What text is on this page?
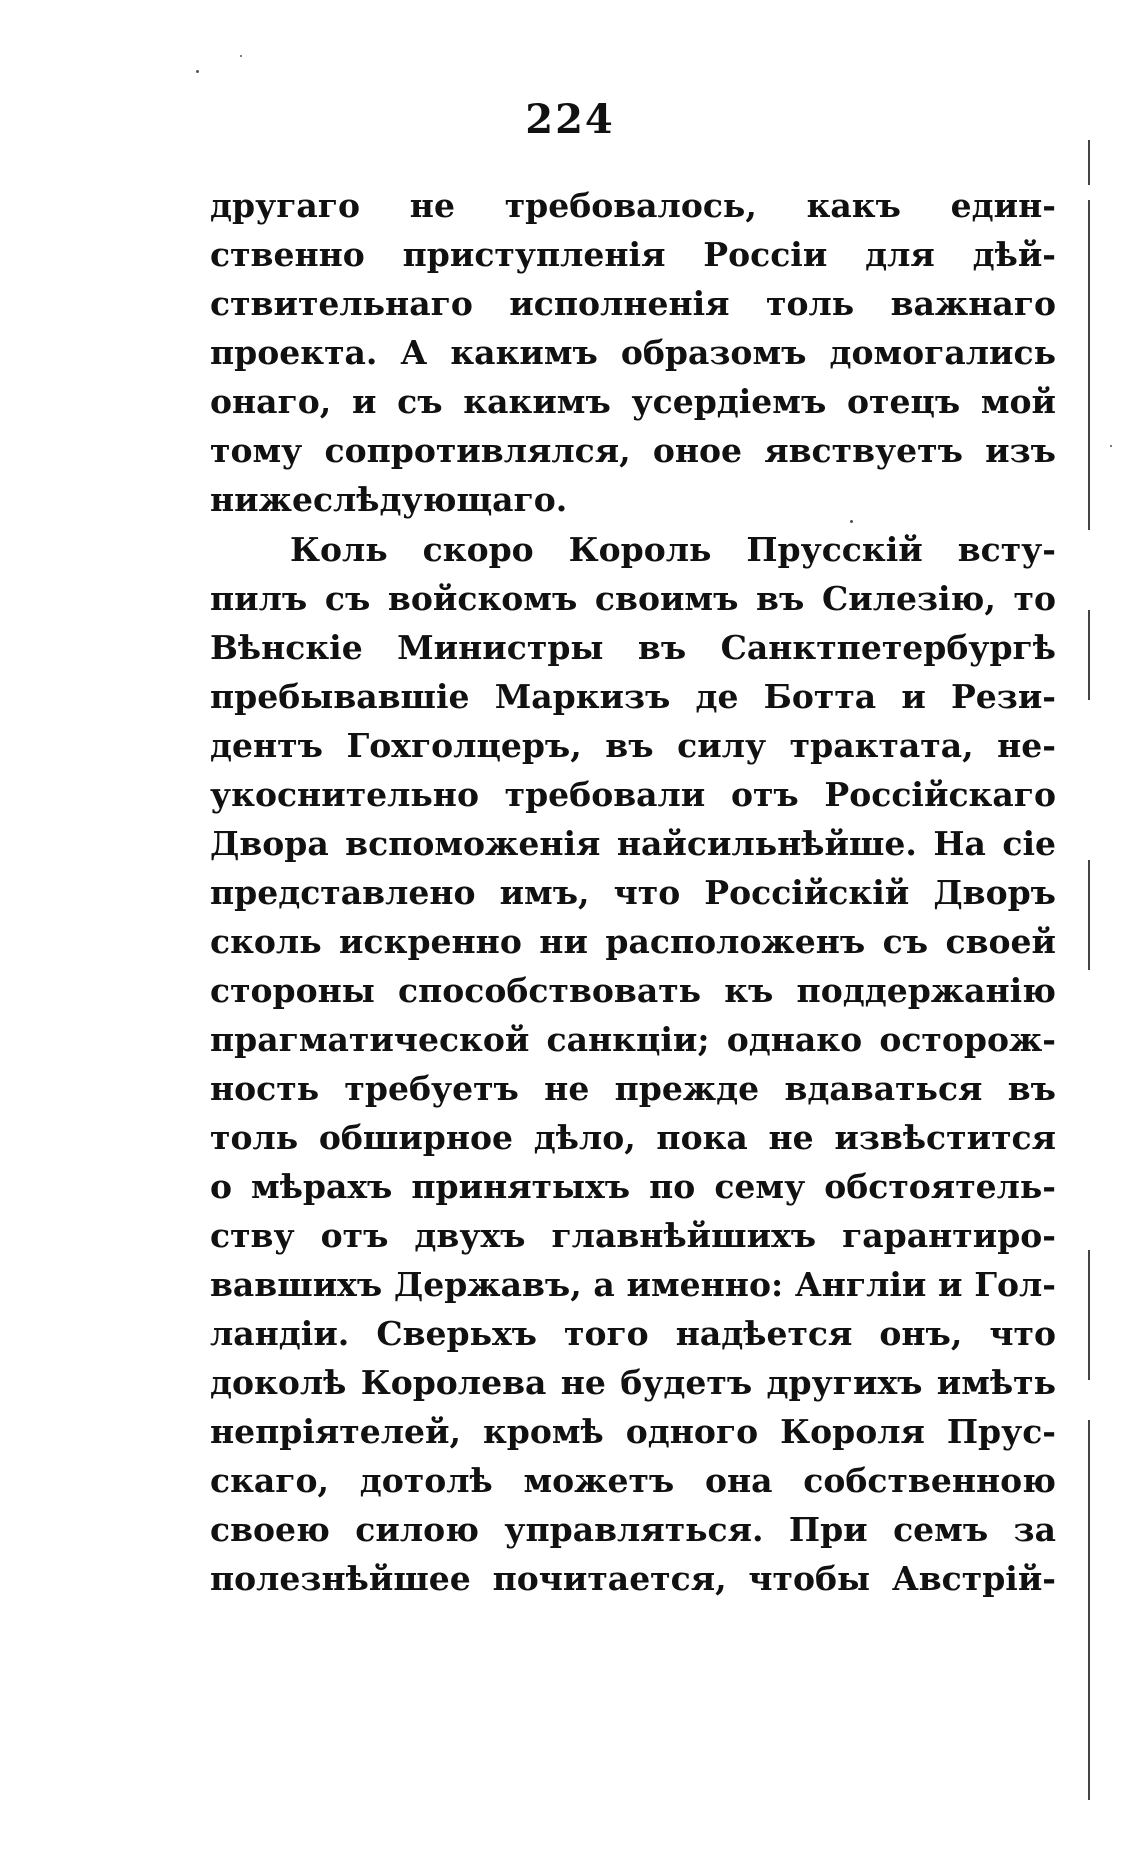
224
другаго не требовалось, какъ един-
ственно приступленія Россіи для дѣй-
ствительнаго исполненія толь важнаго
проекта. А какимъ образомъ домогались
онаго, и съ какимъ усердіемъ отецъ мой
тому сопротивлялся, оное явствуетъ изъ
нижеслѣдующаго.
Коль скоро Король Прусскій всту-
пилъ съ войскомъ своимъ въ Силезію, то
Вѣнскіе Министры въ Санктпетербургѣ
пребывавшіе Маркизъ де Ботта и Рези-
дентъ Гохголцеръ, въ силу трактата, не-
укоснительно требовали отъ Россійскаго
Двора вспоможенія найсильнѣйше. На сіе
представлено имъ, что Россійскій Дворъ
сколь искренно ни расположенъ съ своей
стороны способствовать къ поддержанію
прагматической санкціи; однако осторож-
ность требуетъ не прежде вдаваться въ
толь обширное дѣло, пока не извѣстится
о мѣрахъ принятыхъ по сему обстоятель-
ству отъ двухъ главнѣйшихъ гарантиро-
вавшихъ Державъ, а именно: Англіи и Гол-
ландіи. Сверьхъ того надѣется онъ, что
доколѣ Королева не будетъ другихъ имѣть
непріятелей, кромѣ одного Короля Прус-
скаго, дотолѣ можетъ она собственною
своею силою управляться. При семъ за
полезнѣйшее почитается, чтобы Австрій-
